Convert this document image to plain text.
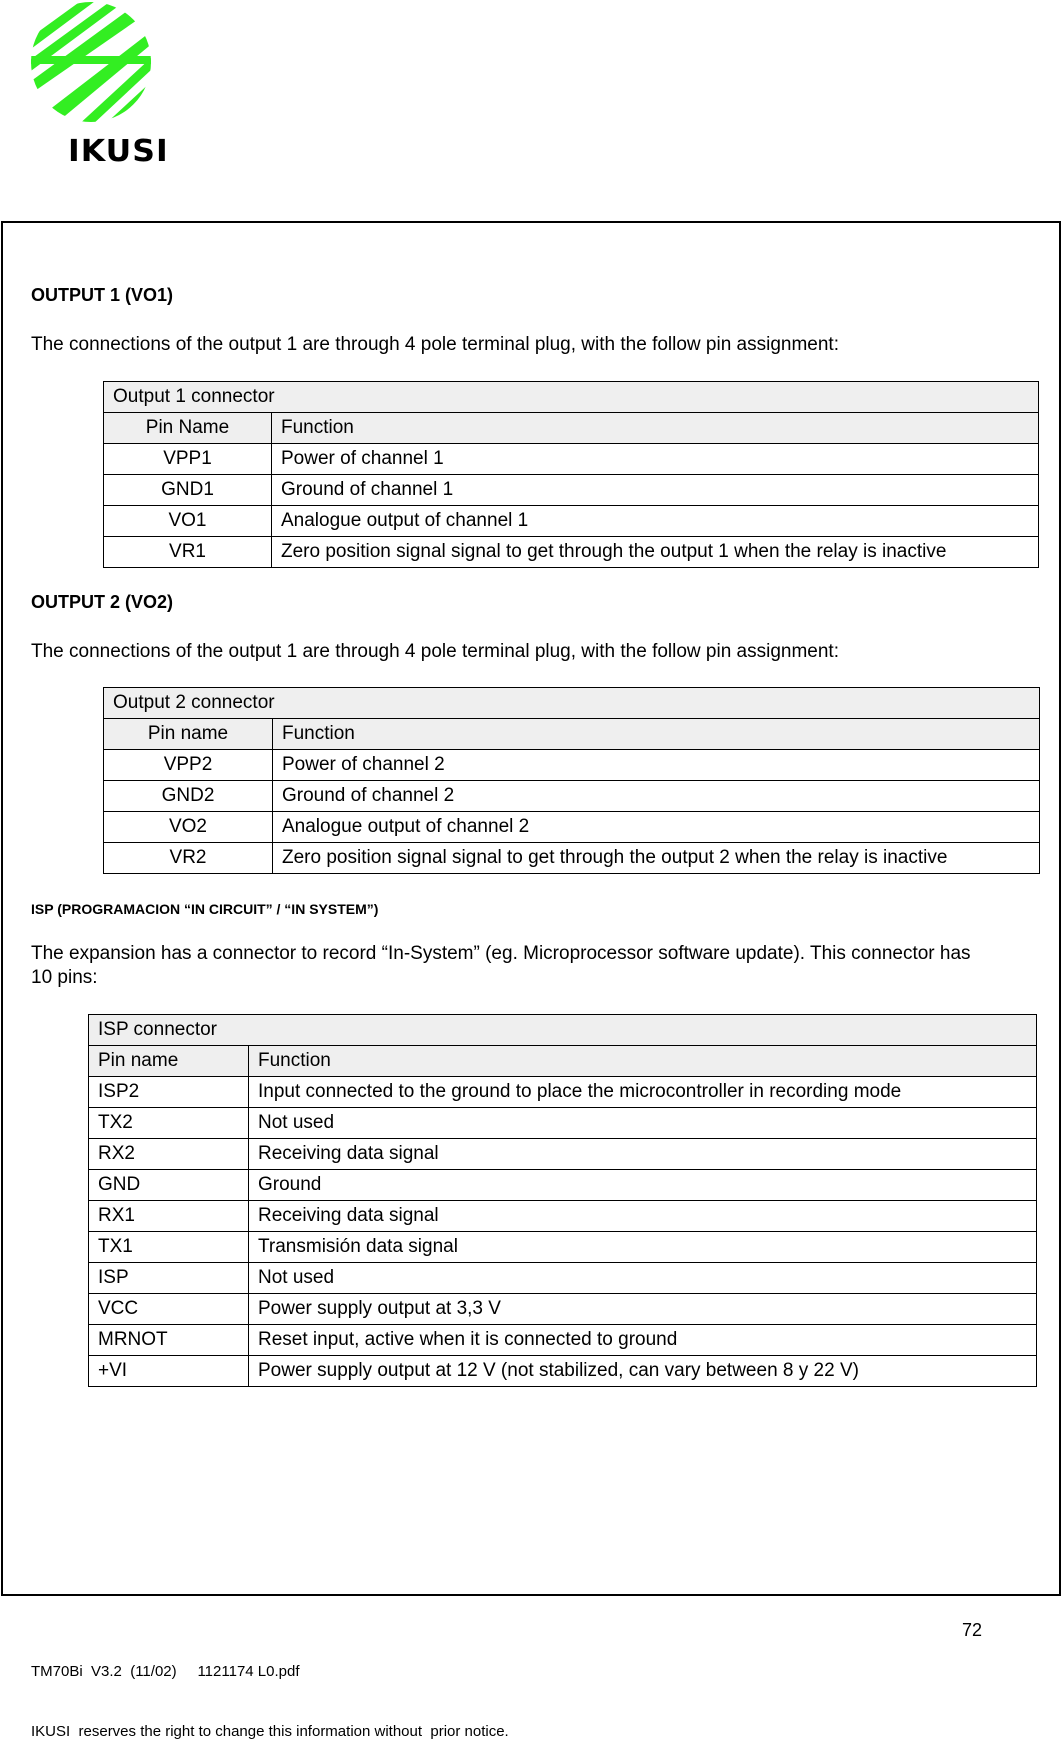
IKUSI
OUTPUT 1 (VO1)
The connections of the output 1 are through 4 pole terminal plug, with the follow pin assignment:
Output 1 connector	
Pin Name	Function
VPP1	Power of channel 1
GND1	Ground of channel 1
VO1	Analogue output of channel 1
VR1	Zero position signal signal to get through the output 1 when the relay is inactive
OUTPUT 2 (VO2)
The connections of the output 1 are through 4 pole terminal plug, with the follow pin assignment:
Output 2 connector	
Pin name	Function
VPP2	Power of channel 2
GND2	Ground of channel 2
VO2	Analogue output of channel 2
VR2	Zero position signal signal to get through the output 2 when the relay is inactive
ISP (PROGRAMACION “IN CIRCUIT” / “IN SYSTEM”)
The expansion has a connector to record “In-System” (eg. Microprocessor software update). This connector has
10 pins:
ISP connector	
Pin name	Function
ISP2	Input connected to the ground to place the microcontroller in recording mode
TX2	Not used
RX2	Receiving data signal
GND	Ground
RX1	Receiving data signal
TX1	Transmisión data signal
ISP	Not used
VCC	Power supply output at 3,3 V
MRNOT	Reset input, active when it is connected to ground
+VI	Power supply output at 12 V (not stabilized, can vary between 8 y 22 V)

TM70Bi  V3.2  (11/02)     1121174 L0.pdf

IKUSI  reserves the right to change this information without  prior notice.

72
